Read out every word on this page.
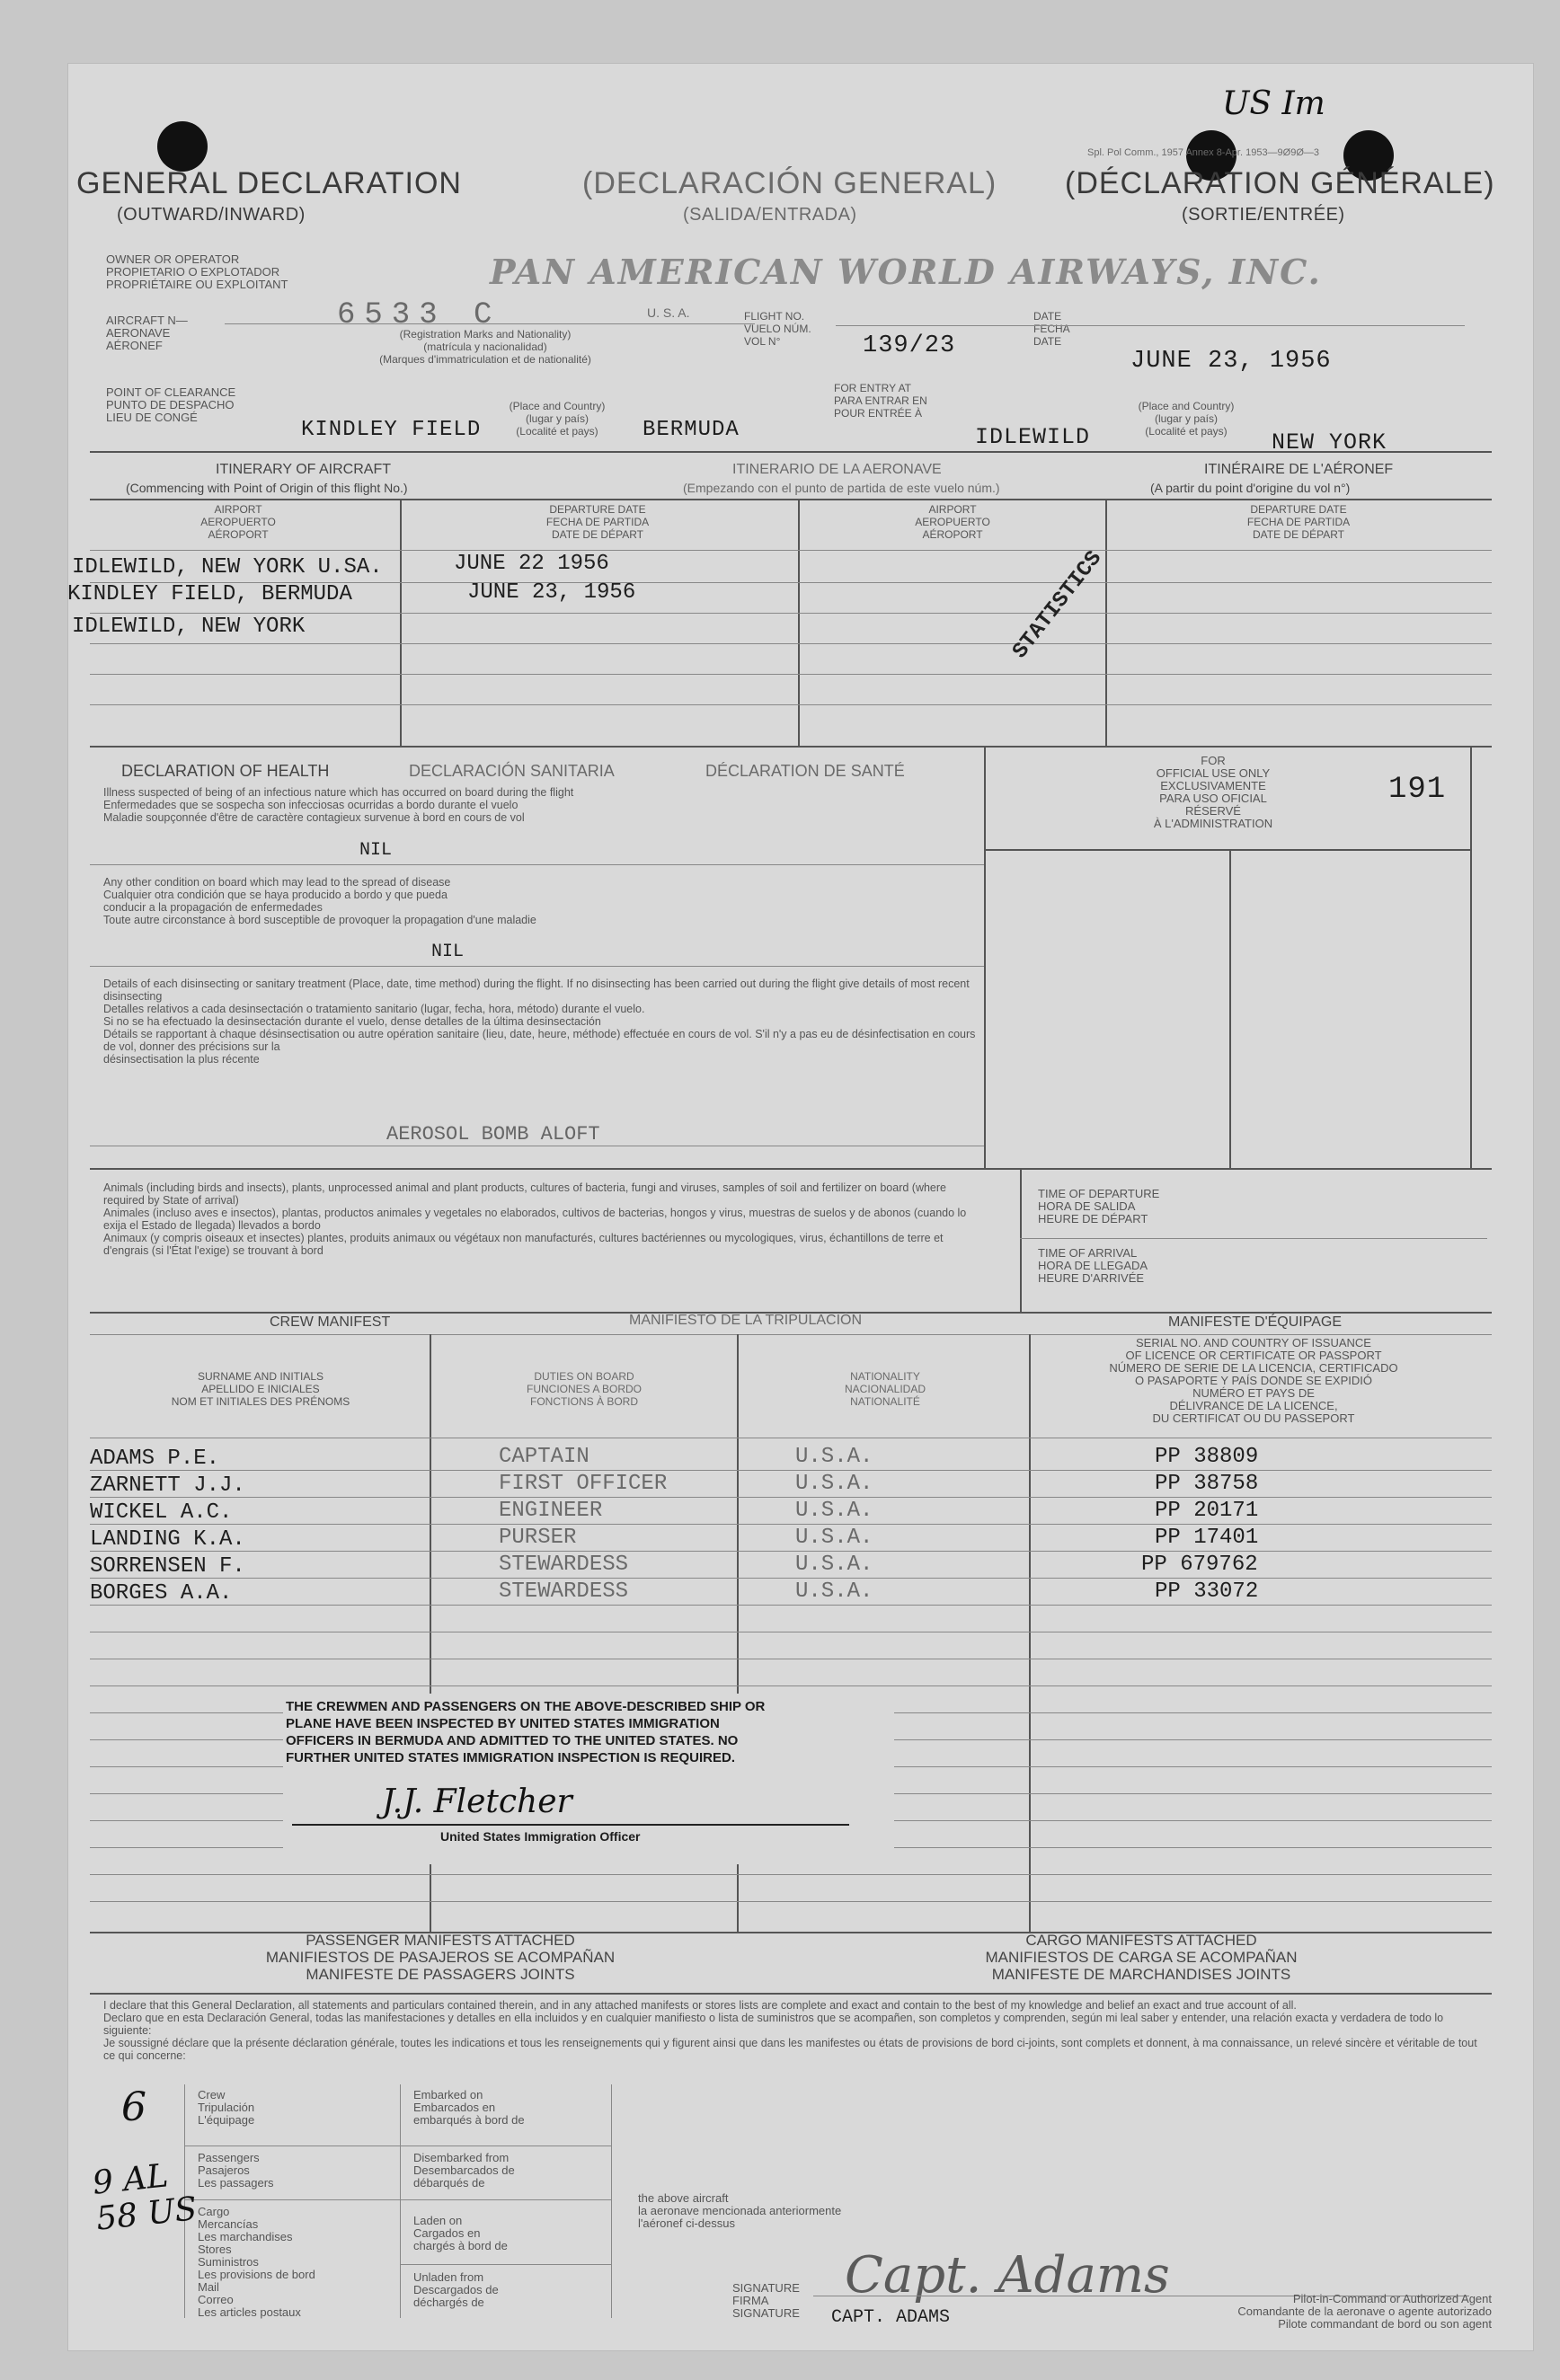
US Im
Spl. Pol Comm., 1957 Annex 8-Apr. 1953—9Ø9Ø—3
GENERAL DECLARATION
(OUTWARD/INWARD)
(DECLARACIÓN GENERAL)
(SALIDA/ENTRADA)
(DÉCLARATION GÉNÉRALE)
(SORTIE/ENTRÉE)
OWNER OR OPERATOR
PROPIETARIO O EXPLOTADOR
PROPRIÉTAIRE OU EXPLOITANT	PAN AMERICAN WORLD AIRWAYS, INC.
AIRCRAFT N—
AERONAVE
AÉRONEF
6533 C	U. S. A.
(Registration Marks and Nationality)
(matrícula y nacionalidad)
(Marques d'immatriculation et de nationalité)
FLIGHT NO.
VUELO NÚM.
VOL N°	139/23
DATE
FECHA
DATE
JUNE 23, 1956
POINT OF CLEARANCE
PUNTO DE DESPACHO
LIEU DE CONGÉ
(Place and Country)
(lugar y país)
(Localité et pays)
KINDLEY FIELD	BERMUDA
FOR ENTRY AT
PARA ENTRAR EN
POUR ENTRÉE À
(Place and Country)
(lugar y país)
(Localité et pays)
IDLEWILD	NEW YORK
ITINERARY OF AIRCRAFT
(Commencing with Point of Origin of this flight No.)
ITINERARIO DE LA AERONAVE
(Empezando con el punto de partida de este vuelo núm.)
ITINÉRAIRE DE L'AÉRONEF
(A partir du point d'origine du vol n°)
AIRPORT
AEROPUERTO
AÉROPORT
DEPARTURE DATE
FECHA DE PARTIDA
DATE DE DÉPART
AIRPORT
AEROPUERTO
AÉROPORT
DEPARTURE DATE
FECHA DE PARTIDA
DATE DE DÉPART
IDLEWILD, NEW YORK U.SA.	JUNE 22 1956
KINDLEY FIELD, BERMUDA	JUNE 23, 1956
IDLEWILD, NEW YORK	STATISTICS
DECLARATION OF HEALTH	DECLARACIÓN SANITARIA	DÉCLARATION DE SANTÉ
Illness suspected of being of an infectious nature which has occurred on board during the flight
Enfermedades que se sospecha son infecciosas ocurridas a bordo durante el vuelo
Maladie soupçonnée d'être de caractère contagieux survenue à bord en cours de vol
NIL
Any other condition on board which may lead to the spread of disease
Cualquier otra condición que se haya producido a bordo y que pueda
conducir a la propagación de enfermedades
Toute autre circonstance à bord susceptible de provoquer la propagation d'une maladie
NIL
Details of each disinsecting or sanitary treatment (Place, date, time method) during the flight. If no disinsecting has been carried out during the flight give details of most recent disinsecting
Detalles relativos a cada desinsectación o tratamiento sanitario (lugar, fecha, hora, método) durante el vuelo.
Si no se ha efectuado la desinsectación durante el vuelo, dense detalles de la última desinsectación
Détails se rapportant à chaque désinsectisation ou autre opération sanitaire (lieu, date, heure, méthode) effectuée en cours de vol. S'il n'y a pas eu de désinfectisation en cours de vol, donner des précisions sur la
désinsectisation la plus récente
AEROSOL BOMB ALOFT
FOR
OFFICIAL USE ONLY
EXCLUSIVAMENTE
PARA USO OFICIAL
RÉSERVÉ
À L'ADMINISTRATION
191
Animals (including birds and insects), plants, unprocessed animal and plant products, cultures of bacteria, fungi and viruses, samples of soil and fertilizer on board (where required by State of arrival)
Animales (incluso aves e insectos), plantas, productos animales y vegetales no elaborados, cultivos de bacterias, hongos y virus, muestras de suelos y de abonos (cuando lo exija el Estado de llegada) llevados a bordo
Animaux (y compris oiseaux et insectes) plantes, produits animaux ou végétaux non manufacturés, cultures bactériennes ou mycologiques, virus, échantillons de terre et d'engrais (si l'État l'exige) se trouvant à bord
TIME OF DEPARTURE
HORA DE SALIDA
HEURE DE DÉPART
TIME OF ARRIVAL
HORA DE LLEGADA
HEURE D'ARRIVÉE
CREW MANIFEST	MANIFIESTO DE LA TRIPULACIÓN	MANIFESTE D'ÉQUIPAGE
SURNAME AND INITIALS
APELLIDO E INICIALES
NOM ET INITIALES DES PRÉNOMS
DUTIES ON BOARD
FUNCIONES A BORDO
FONCTIONS À BORD
NATIONALITY
NACIONALIDAD
NATIONALITÉ
SERIAL NO. AND COUNTRY OF ISSUANCE
OF LICENCE OR CERTIFICATE OR PASSPORT
NÚMERO DE SERIE DE LA LICENCIA, CERTIFICADO
O PASAPORTE Y PAÍS DONDE SE EXPIDIÓ
NUMÉRO ET PAYS DE
DÉLIVRANCE DE LA LICENCE,
DU CERTIFICAT OU DU PASSEPORT
ADAMS P.E.	CAPTAIN	U.S.A.	PP 38809
ZARNETT J.J.	FIRST OFFICER	U.S.A.	PP 38758
WICKEL A.C.	ENGINEER	U.S.A.	PP 20171
LANDING K.A.	PURSER	U.S.A.	PP 17401
SORRENSEN F.	STEWARDESS	U.S.A.	PP 679762
BORGES A.A.	STEWARDESS	U.S.A.	PP 33072
THE CREWMEN AND PASSENGERS ON THE ABOVE-DESCRIBED SHIP OR
PLANE HAVE BEEN INSPECTED BY UNITED STATES IMMIGRATION
OFFICERS IN BERMUDA AND ADMITTED TO THE UNITED STATES. NO
FURTHER UNITED STATES IMMIGRATION INSPECTION IS REQUIRED.
J.J. Fletcher
United States Immigration Officer
PASSENGER MANIFESTS ATTACHED
MANIFIESTOS DE PASAJEROS SE ACOMPAÑAN
MANIFESTE DE PASSAGERS JOINTS
CARGO MANIFESTS ATTACHED
MANIFIESTOS DE CARGA SE ACOMPAÑAN
MANIFESTE DE MARCHANDISES JOINTS
I declare that this General Declaration, all statements and particulars contained therein, and in any attached manifests or stores lists are complete and exact and contain to the best of my knowledge and belief an exact and true account of all.
Declaro que en esta Declaración General, todas las manifestaciones y detalles en ella incluidos y en cualquier manifiesto o lista de suministros que se acompañen, son completos y comprenden, según mi leal saber y entender, una relación exacta y verdadera de todo lo siguiente:
Je soussigné déclare que la présente déclaration générale, toutes les indications et tous les renseignements qui y figurent ainsi que dans les manifestes ou états de provisions de bord ci-joints, sont complets et donnent, à ma connaissance, un relevé sincère et véritable de tout ce qui concerne:
Crew
Tripulación
L'équipage
Embarked on
Embarcados en
embarqués à bord de
Passengers
Pasajeros
Les passagers
Disembarked from
Desembarcados de
débarqués de
Cargo
Mercancías
Les marchandises
Stores
Suministros
Les provisions de bord
Mail
Correo
Les articles postaux
Laden on
Cargados en
chargés à bord de
Unladen from
Descargados de
déchargés de
the above aircraft
la aeronave mencionada anteriormente
l'aéronef ci-dessus
6
9 AL
58 US
SIGNATURE
FIRMA
SIGNATURE
Capt. Adams
CAPT. ADAMS
Pilot-in-Command or Authorized Agent
Comandante de la aeronave o agente autorizado
Pilote commandant de bord ou son agent
